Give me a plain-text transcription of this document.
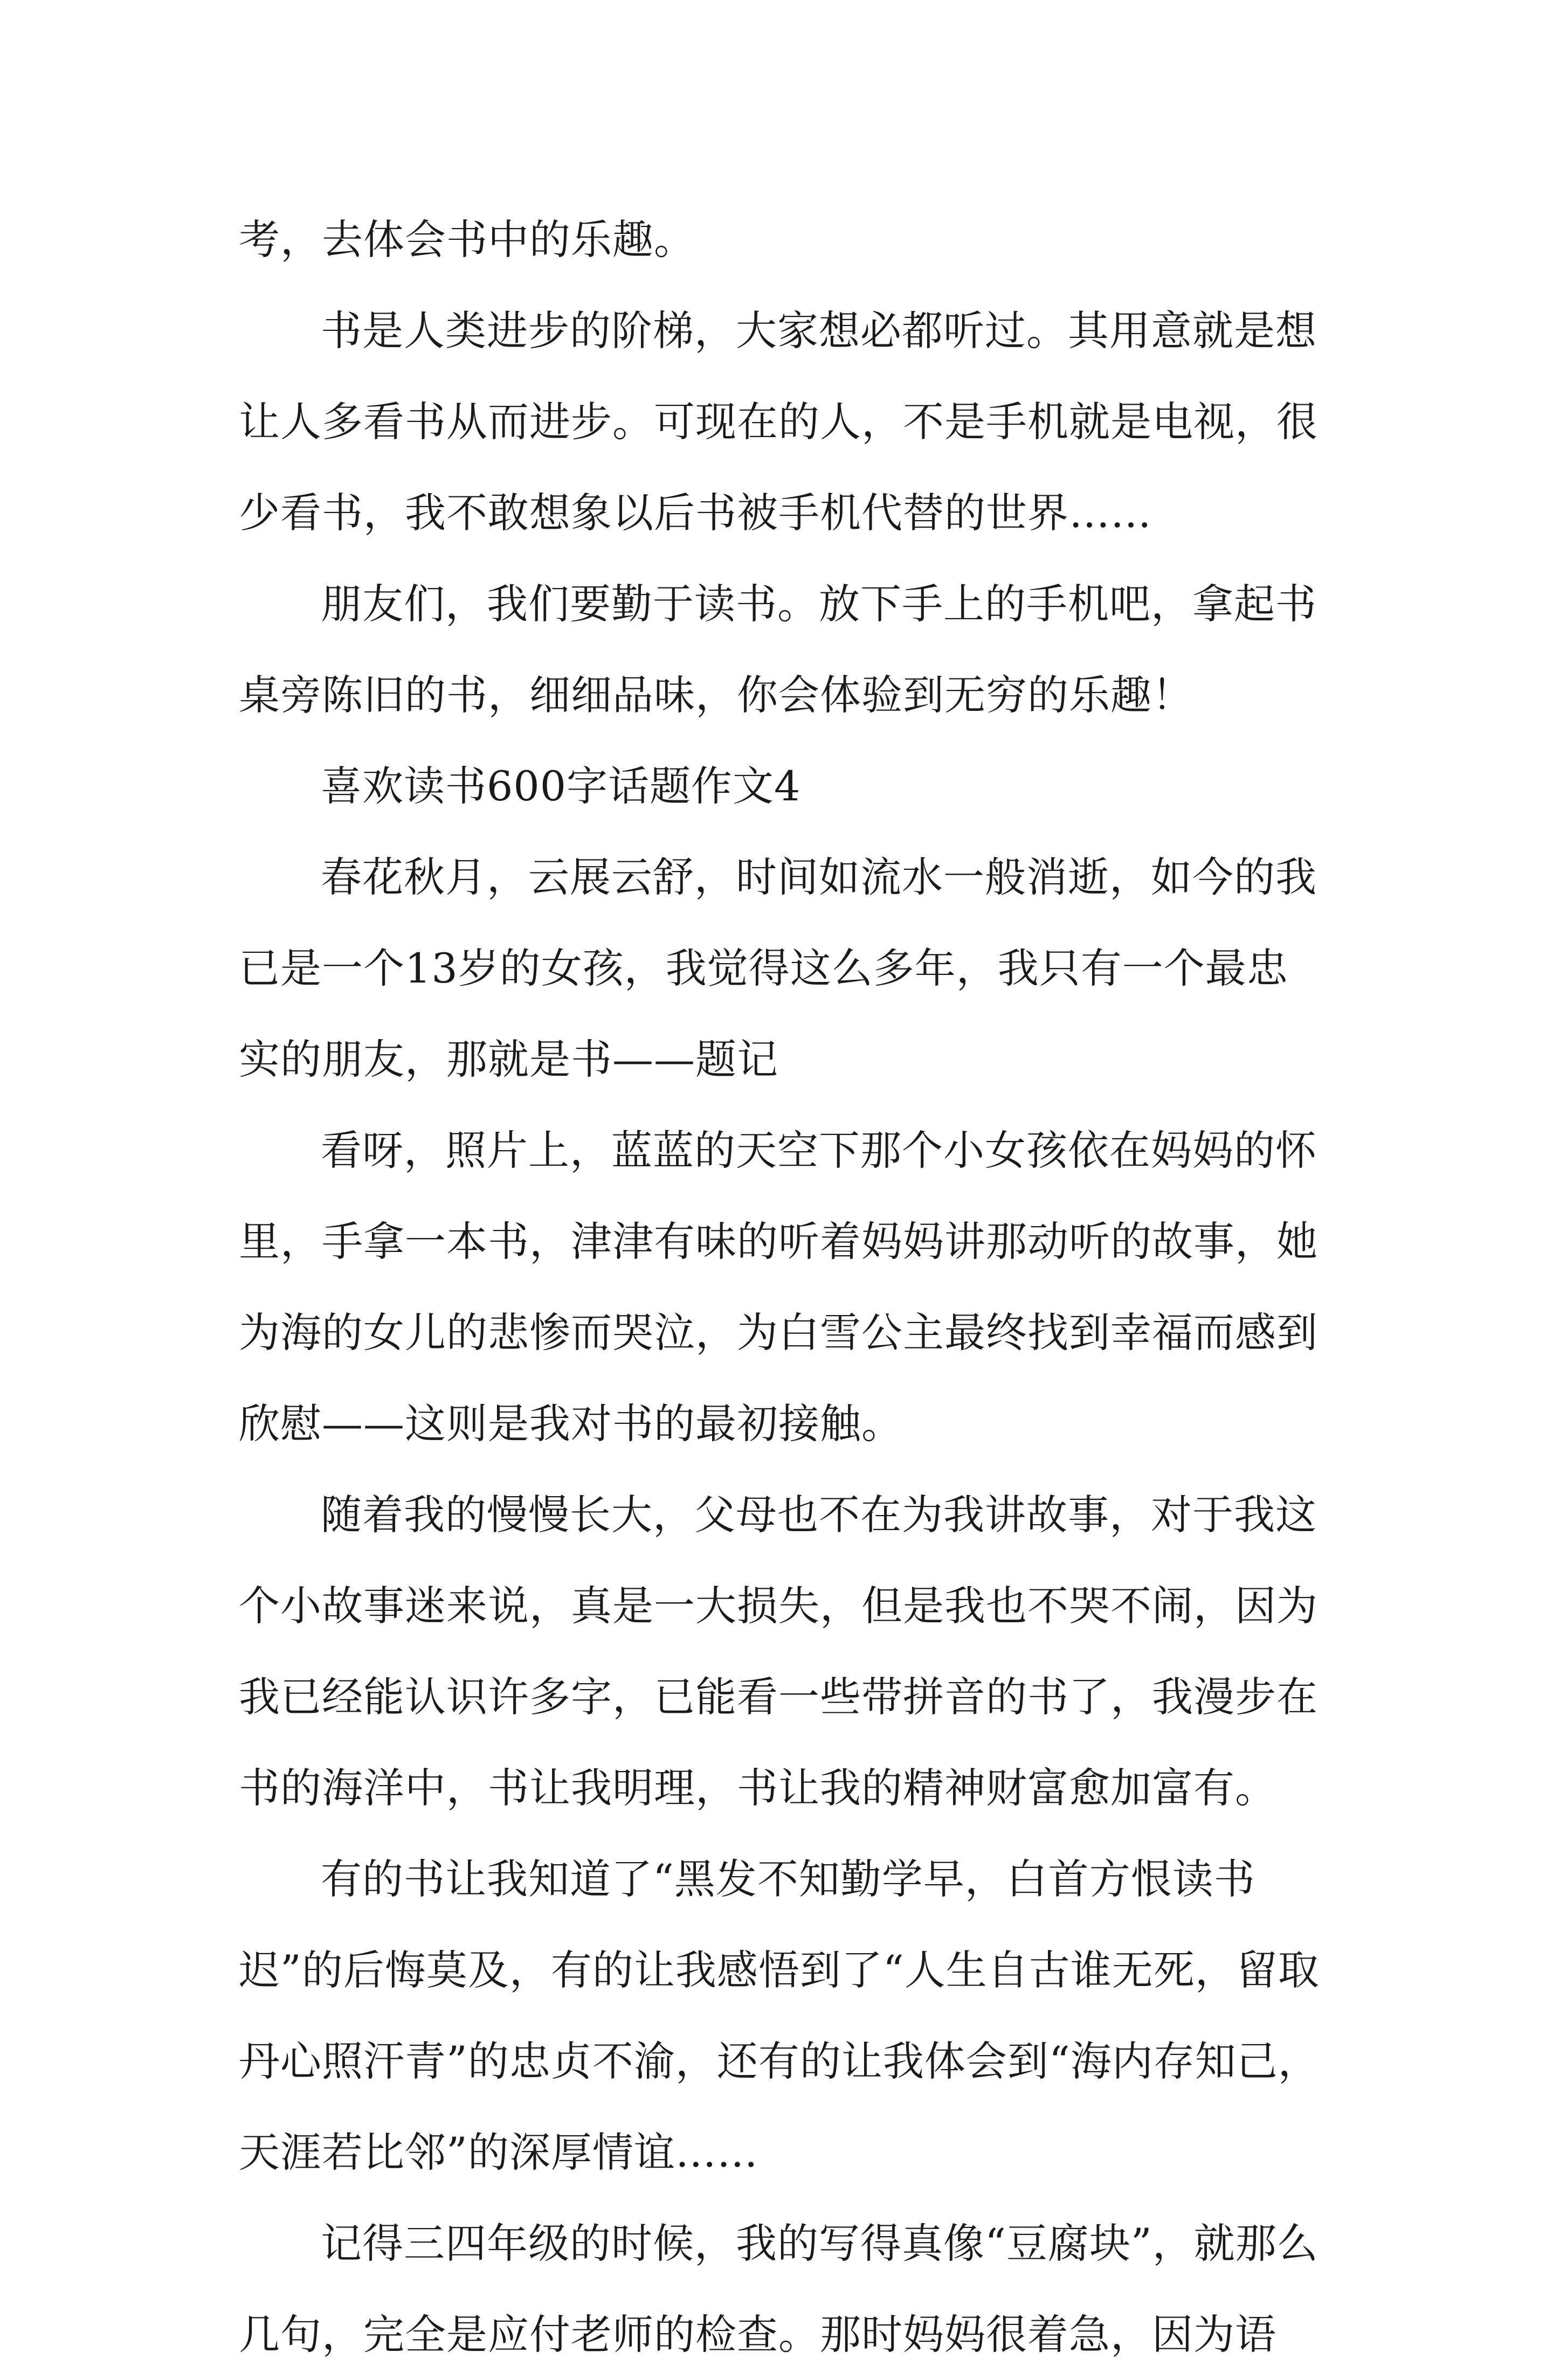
考，去体会书中的乐趣。

书是人类进步的阶梯，大家想必都听过。其用意就是想让人多看书从而进步。可现在的人，不是手机就是电视，很少看书，我不敢想象以后书被手机代替的世界……

朋友们，我们要勤于读书。放下手上的手机吧，拿起书桌旁陈旧的书，细细品味，你会体验到无穷的乐趣！

喜欢读书600字话题作文4

春花秋月，云展云舒，时间如流水一般消逝，如今的我已是一个13岁的女孩，我觉得这么多年，我只有一个最忠实的朋友，那就是书——题记

看呀，照片上，蓝蓝的天空下那个小女孩依在妈妈的怀里，手拿一本书，津津有味的听着妈妈讲那动听的故事，她为海的女儿的悲惨而哭泣，为白雪公主最终找到幸福而感到欣慰——这则是我对书的最初接触。

随着我的慢慢长大，父母也不在为我讲故事，对于我这个小故事迷来说，真是一大损失，但是我也不哭不闹，因为我已经能认识许多字，已能看一些带拼音的书了，我漫步在书的海洋中，书让我明理，书让我的精神财富愈加富有。

有的书让我知道了“黑发不知勤学早，白首方恨读书迟”的后悔莫及，有的让我感悟到了“人生自古谁无死，留取丹心照汗青”的忠贞不渝，还有的让我体会到“海内存知己，天涯若比邻”的深厚情谊……

记得三四年级的时候，我的写得真像“豆腐块”，就那么几句，完全是应付老师的检查。那时妈妈很着急，因为语
